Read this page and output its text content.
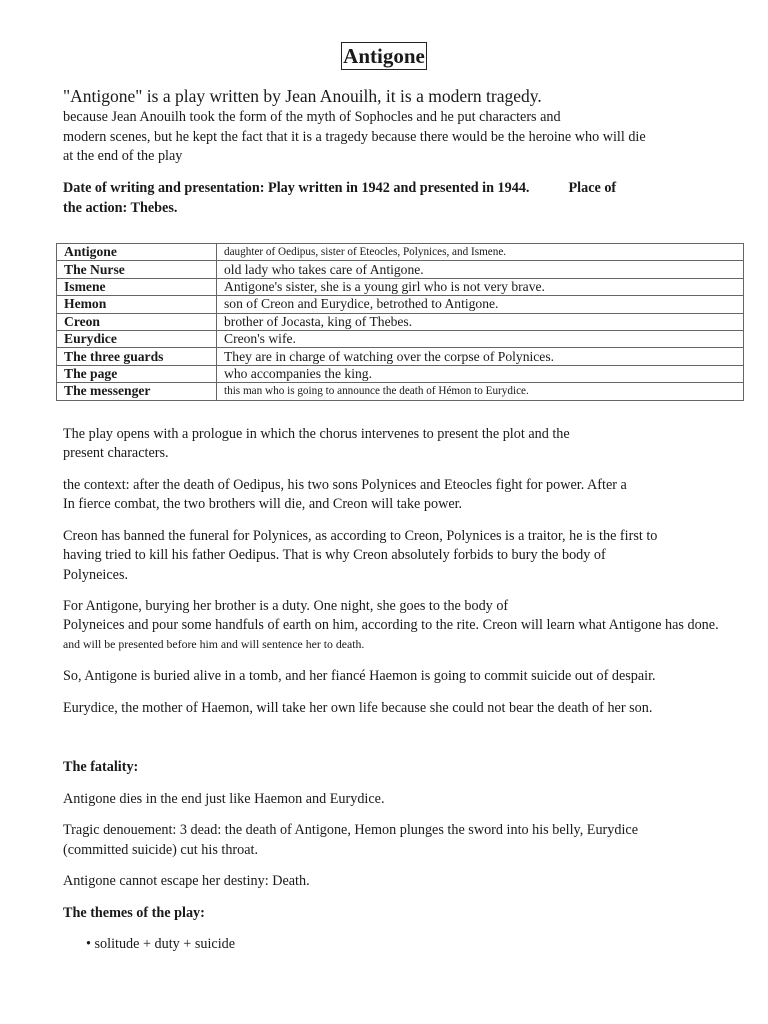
Antigone
"Antigone" is a play written by Jean Anouilh, it is a modern tragedy.
because Jean Anouilh took the form of the myth of Sophocles and he put characters and
modern scenes, but he kept the fact that it is a tragedy because there would be the heroine who will die
at the end of the play
Date of writing and presentation: Play written in 1942 and presented in 1944.           Place of
the action: Thebes.
Antigone	daughter of Oedipus, sister of Eteocles, Polynices, and Ismene.
The Nurse	old lady who takes care of Antigone.
Ismene	Antigone's sister, she is a young girl who is not very brave.
Hemon	son of Creon and Eurydice, betrothed to Antigone.
Creon	brother of Jocasta, king of Thebes.
Eurydice	Creon's wife.
The three guards	They are in charge of watching over the corpse of Polynices.
The page	who accompanies the king.
The messenger	this man who is going to announce the death of Hémon to Eurydice.
The play opens with a prologue in which the chorus intervenes to present the plot and the
present characters.
the context: after the death of Oedipus, his two sons Polynices and Eteocles fight for power. After a
In fierce combat, the two brothers will die, and Creon will take power.
Creon has banned the funeral for Polynices, as according to Creon, Polynices is a traitor, he is the first to
having tried to kill his father Oedipus. That is why Creon absolutely forbids to bury the body of
Polyneices.
For Antigone, burying her brother is a duty. One night, she goes to the body of
Polyneices and pour some handfuls of earth on him, according to the rite. Creon will learn what Antigone has done.
and will be presented before him and will sentence her to death.
So, Antigone is buried alive in a tomb, and her fiancé Haemon is going to commit suicide out of despair.
Eurydice, the mother of Haemon, will take her own life because she could not bear the death of her son.
The fatality:
Antigone dies in the end just like Haemon and Eurydice.
Tragic denouement: 3 dead: the death of Antigone, Hemon plunges the sword into his belly, Eurydice
(committed suicide) cut his throat.
Antigone cannot escape her destiny: Death.
The themes of the play:
• solitude + duty + suicide
